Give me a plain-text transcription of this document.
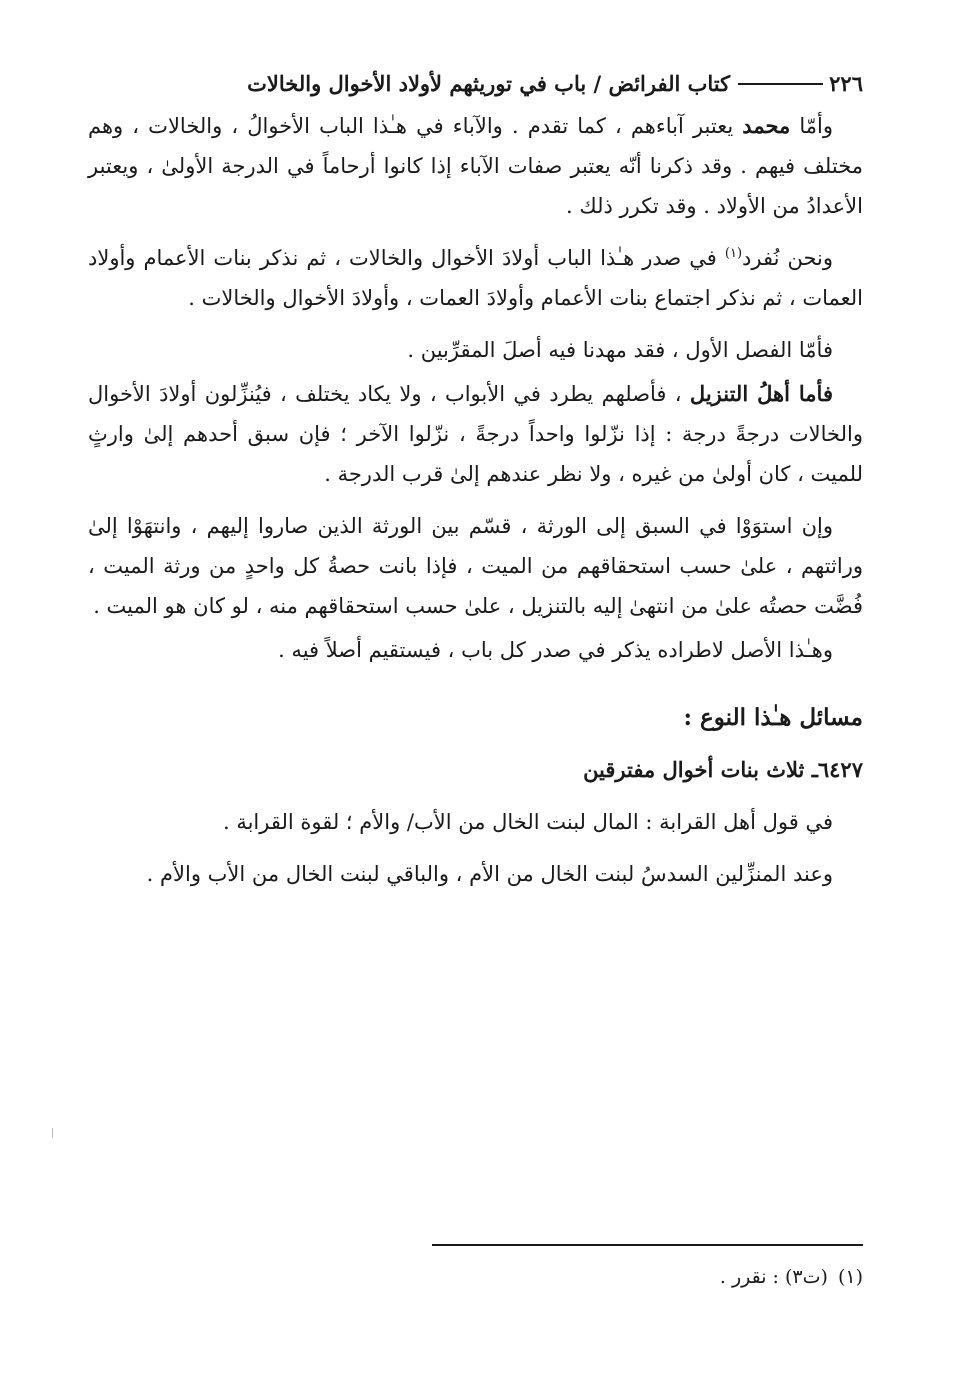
٢٢٦
كتاب الفرائض / باب في توريثهم لأولاد الأخوال والخالات

وأمّا محمد يعتبر آباءهم ، كما تقدم . والآباء في هـٰذا الباب الأخوالُ ، والخالات ، وهم مختلف فيهم . وقد ذكرنا أنّه يعتبر صفات الآباء إذا كانوا أرحاماً في الدرجة الأولىٰ ، ويعتبر الأعدادُ من الأولاد . وقد تكرر ذلك .

ونحن نُفرد$^{(١)}$ في صدر هـٰذا الباب أولادَ الأخوال والخالات ، ثم نذكر بنات الأعمام وأولاد العمات ، ثم نذكر اجتماع بنات الأعمام وأولادَ العمات ، وأولادَ الأخوال والخالات .

فأمّا الفصل الأول ، فقد مهدنا فيه أصلَ المقرِّبين .

فأما أهلُ التنزيل ، فأصلهم يطرد في الأبواب ، ولا يكاد يختلف ، فيُنزِّلون أولادَ الأخوال والخالات درجةً درجة : إذا نزّلوا واحداً درجةً ، نزّلوا الآخر ؛ فإن سبق أحدهم إلىٰ وارثٍ للميت ، كان أولىٰ من غيره ، ولا نظر عندهم إلىٰ قرب الدرجة .

وإن استوَوْا في السبق إلى الورثة ، قسّم بين الورثة الذين صاروا إليهم ، وانتهَوْا إلىٰ وراثتهم ، علىٰ حسب استحقاقهم من الميت ، فإذا بانت حصةُ كل واحدٍ من ورثة الميت ، فُضَّت حصتُه علىٰ من انتهىٰ إليه بالتنزيل ، علىٰ حسب استحقاقهم منه ، لو كان هو الميت .

وهـٰذا الأصل لاطراده يذكر في صدر كل باب ، فيستقيم أصلاً فيه .

مسائل هـٰذا النوع :
٦٤٢٧ـ ثلاث بنات أخوال مفترقين

في قول أهل القرابة : المال لبنت الخال من الأب/ والأم ؛ لقوة القرابة .

وعند المنزِّلين السدسُ لبنت الخال من الأم ، والباقي لبنت الخال من الأب والأم .

(١)(ت٣) : نقرر .
